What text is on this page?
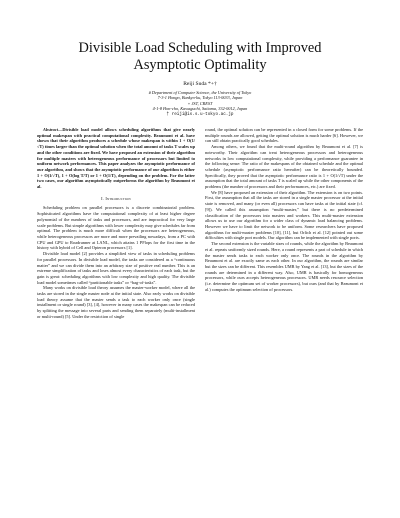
Divisible Load Scheduling with Improved
Asymptotic Optimality
Reiji Suda *+†
# Department of Computer Science, the University of Tokyo
7-3-1 Hongo, Bunkyo-ku, Tokyo 113-0033, Japan
+ JST, CREST
4-1-8 Hon-cho, Kawaguchi, Saitama, 332-0012, Japan
† reiji@is.s.u-tokyo.ac.jp

Abstract—Divisible load model allows scheduling algorithms that give nearly optimal makespan with practical computational complexity. Beaumont et al. have shown that their algorithm produces a schedule whose makespan is within 1 + O(1/√T) times larger than the optimal solution when the total amount of tasks T scales up and the other conditions are fixed. We have proposed an extension of their algorithm for multiple masters with heterogeneous performance of processors but limited to uniform network performances. This paper analyzes the asymptotic performance of our algorithm, and shows that the asymptotic performance of our algorithm is either 1 + O(1/√T), 1 + O(log T/T) or 1 + O(1/T), depending on the problem. For the latter two cases, our algorithm asymptotically outperforms the algorithm by Beaumont et al.

I. Introduction

Scheduling problem on parallel processors is a discrete combinatorial problem. Sophisticated algorithms have the computational complexity of at least higher degree polynomial of the numbers of tasks and processors, and are impractical for very large scale problems. But simple algorithms with lower complexity may give schedules far from optimal. The problem is much more difficult when the processors are heterogeneous, while heterogeneous processors are more and more prevailing nowadays, from a PC with CPU and GPU to Roadrunner at LANL, which attains 1 PFlops for the first time in the history with hybrid of Cell and Opteron processors [1].

Divisible load model [2] provides a simplified view of tasks in scheduling problems for parallel processors. In divisible load model, the tasks are considered as a “continuous matter” and we can divide them into an arbitrary size of positive real number. This is an extreme simplification of tasks and loses almost every characteristics of each task, but the gain is great: scheduling algorithms with low complexity and high quality. The divisible load model sometimes called “partitionable tasks” or “bag-of-tasks”.

Many works on divisible load theory assumes the master-worker model, where all the tasks are stored in the single master node at the initial state. Also early works on divisible load theory assume that the master sends a task to each worker only once (single installment or single round) [3], [4], however in many cases the makespan can be reduced by splitting the message into several parts and sending them separately (multi-installment or multi-round) [5]. Under the restriction of single

round, the optimal solution can be represented in a closed form for some problems. If the multiple rounds are allowed, getting the optimal solution is much harder [6]. However, we can still obtain practically good schedules.

Among others, we found that the multi-round algorithm by Beaumont et al. [7] is noteworthy. Their algorithm can treat heterogeneous processors and heterogeneous networks in low computational complexity, while providing a performance guarantee in the following sense: The ratio of the makespans of the obtained schedule and the optimal schedule (asymptotic performance ratio hereafter) can be theoretically bounded. Specifically, they proved that the asymptotic performance ratio is 1 + O(1/√T) under the assumption that the total amount of tasks T is scaled up while the other components of the problems (the number of processors and their performances, etc.) are fixed.

We [8] have proposed an extension of their algorithm. The extension is on two points. First, the assumption that all the tasks are stored in a single master processor at the initial state is removed, and many (or even all) processors can have tasks at the initial state (cf. [9]). We called this assumption “multi-master,” but there is no predetermined classification of the processors into masters and workers. This multi-master extension allows us to use our algorithm for a wider class of dynamic load balancing problems. However we have to limit the network to be uniform. Some researchers have proposed algorithms for multi-master problems [10], [11], but Orlich et al. [12] pointed out some difficulties with single port models. Our algorithm can be implemented with single ports.

The second extension is the variable sizes of rounds, while the algorithm by Beaumont et al. repeats uniformly sized rounds. Here, a round represents a part of schedule in which the master sends tasks to each worker only once. The rounds in the algorithm by Beaumont et al. are exactly same as each other. In our algorithm, the rounds are similar but the sizes can be different. This resembles UMR by Yang et al. [13], but the sizes of the rounds are determined in a different way. Also, UMR is basically for homogeneous processors, while ours accepts heterogeneous processors. UMR needs resource selection (i.e. determine the optimum set of worker processors), but ours (and that by Beaumont et al.) computes the optimum selection of processors.
